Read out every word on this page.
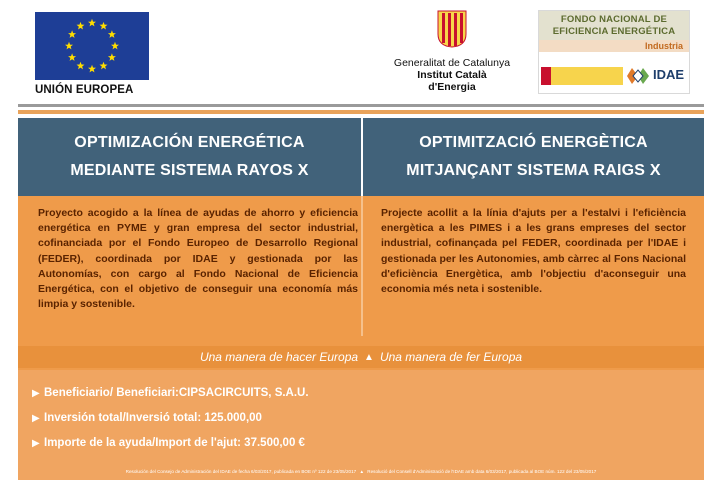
UNIÓN EUROPEA
Generalitat de Catalunya
Institut Català
d'Energia
FONDO NACIONAL DE EFICIENCIA ENERGÉTICA
Industria
IDAE
OPTIMIZACIÓN ENERGÉTICA
MEDIANTE SISTEMA RAYOS X
OPTIMITZACIÓ ENERGÈTICA
MITJANÇANT SISTEMA RAIGS X
Proyecto acogido a la línea de ayudas de ahorro y eficiencia energética en PYME y gran empresa del sector industrial, cofinanciada por el Fondo Europeo de Desarrollo Regional (FEDER), coordinada por IDAE y gestionada por las Autonomías, con cargo al Fondo Nacional de Eficiencia Energética, con el objetivo de conseguir una economía más limpia y sostenible.
Projecte acollit a la línia d'ajuts per a l'estalvi i l'eficiència energètica a les PIMES i a les grans empreses del sector industrial, cofinançada pel FEDER, coordinada per l'IDAE i gestionada per les Autonomies, amb càrrec al Fons Nacional d'eficiència Energètica, amb l'objectiu d'aconseguir una economia més neta i sostenible.
Una manera de hacer Europa ▲ Una manera de fer Europa
▶ Beneficiario/ Beneficiari:CIPSACIRCUITS, S.A.U.
▶ Inversión total/Inversió total: 125.000,00
▶ Importe de la ayuda/Import de l'ajut: 37.500,00 €
Resolución del Consejo de Administración del IDAE de fecha 6/03/2017, publicada en BOE nº 122 de 23/05/2017 ▲ Resolució del Consell d'Administració de l'IDAE amb data 6/03/2017, publicada al BOE núm. 122 del 23/05/2017
